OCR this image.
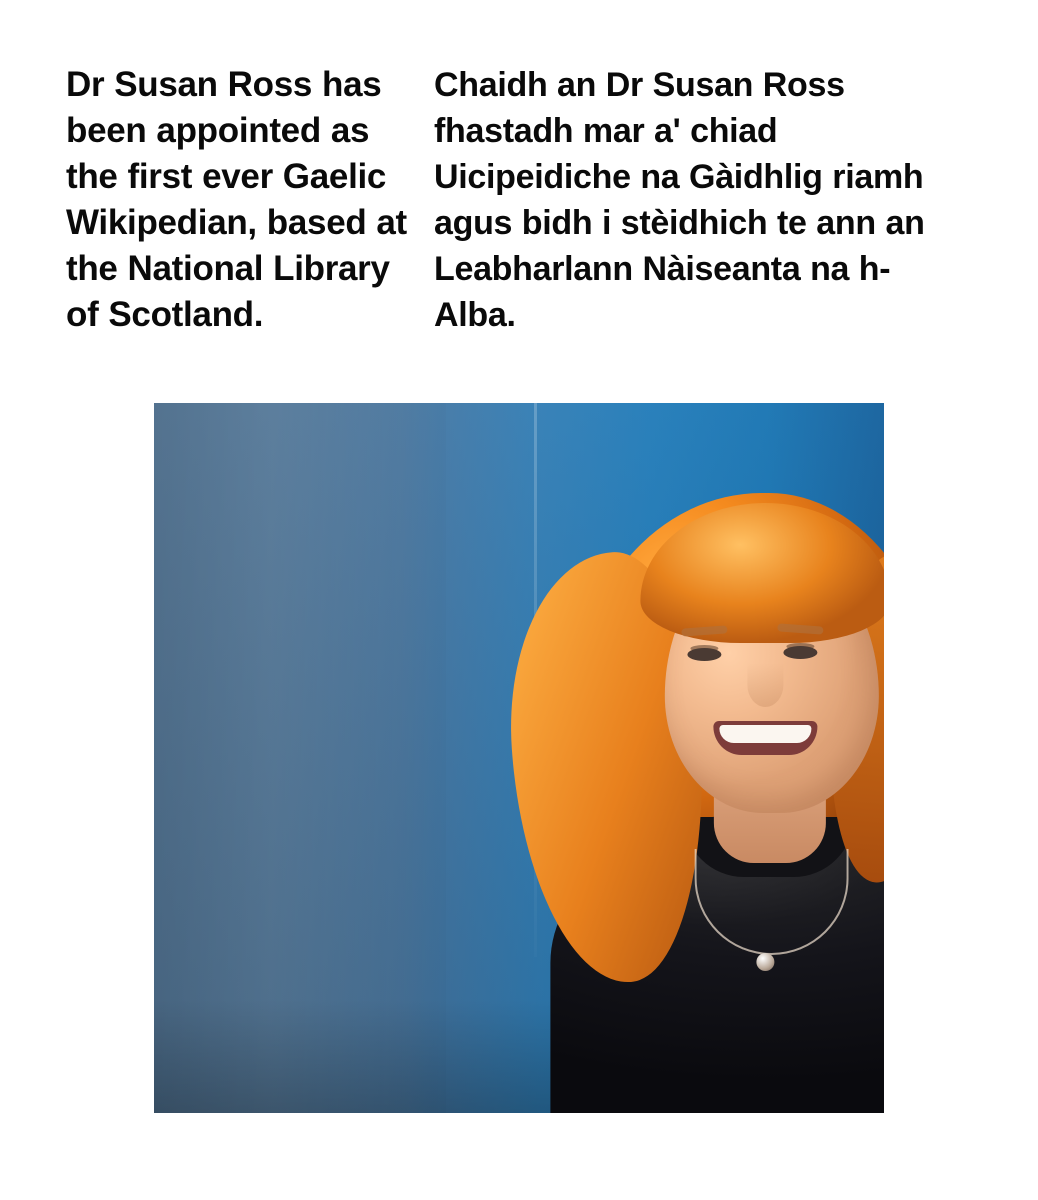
Dr Susan Ross has been appointed as the first ever Gaelic Wikipedian, based at the National Library of Scotland.

Chaidh an Dr Susan Ross fhastadh mar a' chiad Uicipeidiche na Gàidhlig riamh agus bidh i stèidhich te ann an Leabharlann Nàiseanta na h-Alba.
